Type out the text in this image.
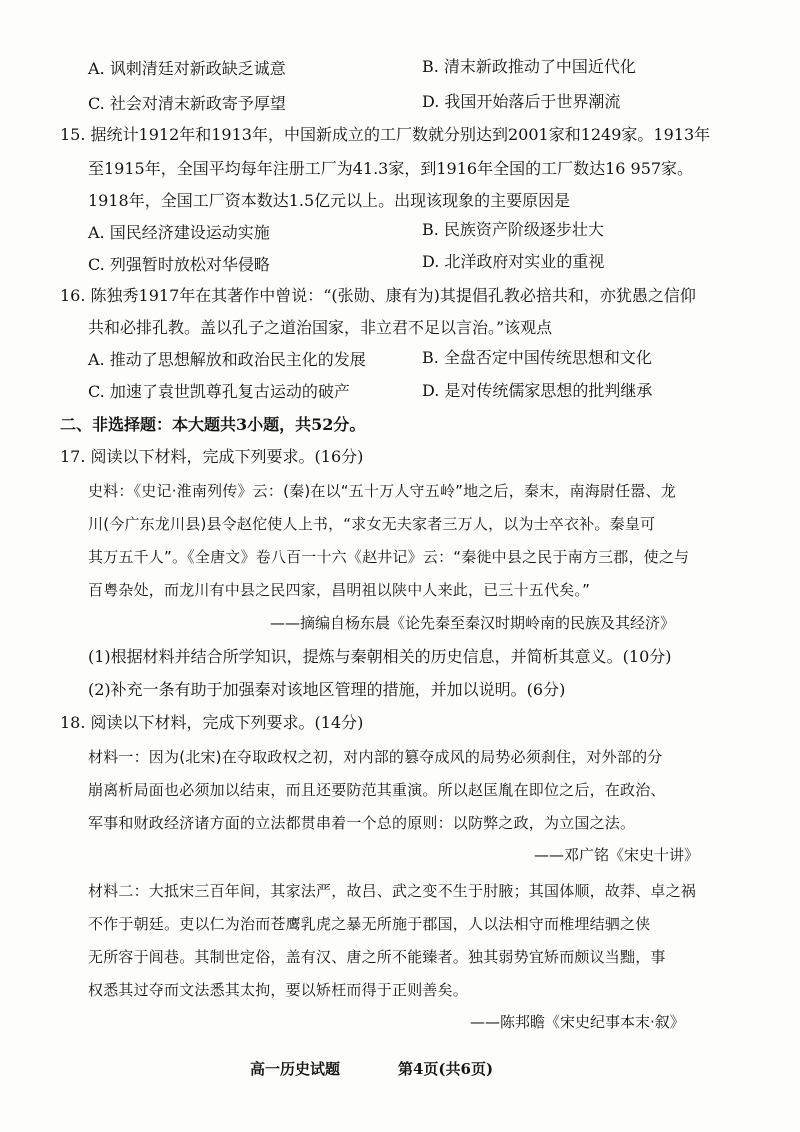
A. 讽刺清廷对新政缺乏诚意	B. 清末新政推动了中国近代化
C. 社会对清末新政寄予厚望	D. 我国开始落后于世界潮流
15. 据统计1912年和1913年，中国新成立的工厂数就分别达到2001家和1249家。1913年
至1915年，全国平均每年注册工厂为41.3家，到1916年全国的工厂数达16 957家。
1918年，全国工厂资本数达1.5亿元以上。出现该现象的主要原因是
A. 国民经济建设运动实施	B. 民族资产阶级逐步壮大
C. 列强暂时放松对华侵略	D. 北洋政府对实业的重视
16. 陈独秀1917年在其著作中曾说：“(张勋、康有为)其提倡孔教必掊共和，亦犹愚之信仰
共和必排孔教。盖以孔子之道治国家，非立君不足以言治。”该观点
A. 推动了思想解放和政治民主化的发展	B. 全盘否定中国传统思想和文化
C. 加速了袁世凯尊孔复古运动的破产	D. 是对传统儒家思想的批判继承
二、非选择题：本大题共3小题，共52分。
17. 阅读以下材料，完成下列要求。(16分)
史料：《史记·淮南列传》云：(秦)在以“五十万人守五岭”地之后，秦末，南海尉任嚣、龙
川(今广东龙川县)县令赵佗使人上书，“求女无夫家者三万人，以为士卒衣补。秦皇可
其万五千人”。《全唐文》卷八百一十六《赵井记》云：“秦徙中县之民于南方三郡，使之与
百粤杂处，而龙川有中县之民四家，昌明祖以陕中人来此，已三十五代矣。”
——摘编自杨东晨《论先秦至秦汉时期岭南的民族及其经济》
(1)根据材料并结合所学知识，提炼与秦朝相关的历史信息，并简析其意义。(10分)
(2)补充一条有助于加强秦对该地区管理的措施，并加以说明。(6分)
18. 阅读以下材料，完成下列要求。(14分)
材料一：因为(北宋)在夺取政权之初，对内部的篡夺成风的局势必须刹住，对外部的分
崩离析局面也必须加以结束，而且还要防范其重演。所以赵匡胤在即位之后，在政治、
军事和财政经济诸方面的立法都贯串着一个总的原则：以防弊之政，为立国之法。
——邓广铭《宋史十讲》
材料二：大抵宋三百年间，其家法严，故吕、武之变不生于肘腋；其国体顺，故莽、卓之祸
不作于朝廷。吏以仁为治而苍鹰乳虎之暴无所施于郡国，人以法相守而椎埋结驷之侠
无所容于闾巷。其制世定俗，盖有汉、唐之所不能臻者。独其弱势宜矫而颇议当黜，事
权悉其过夺而文法悉其太拘，要以矫枉而得于正则善矣。
——陈邦瞻《宋史纪事本末·叙》
高一历史试题	第4页(共6页)
